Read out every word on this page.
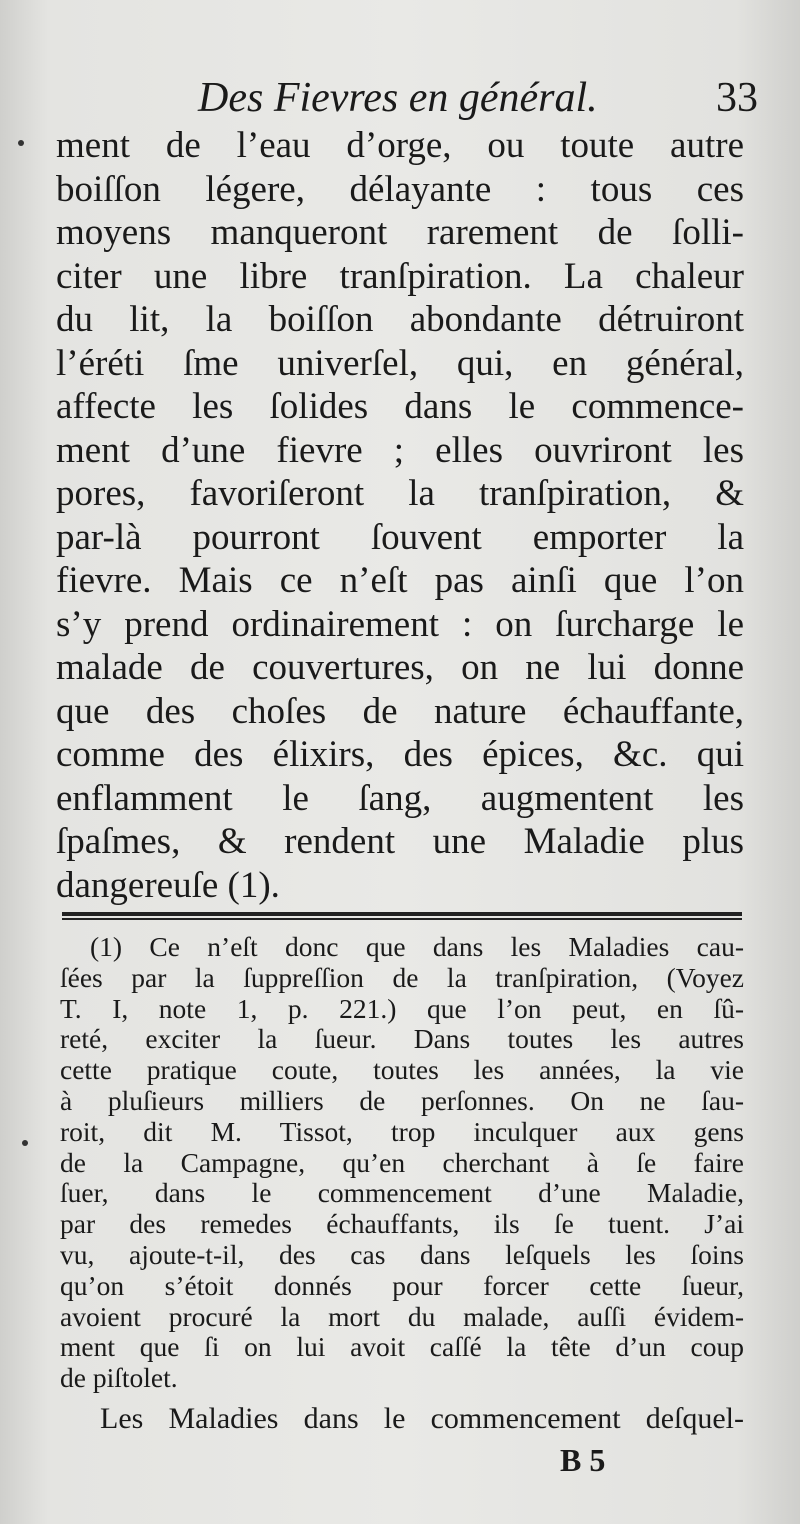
Des Fievres en général.	33
ment de l’eau d’orge, ou toute autre
boiſſon légere, délayante : tous ces
moyens manqueront rarement de ſolli-
citer une libre tranſpiration. La chaleur
du lit, la boiſſon abondante détruiront
l’éréti ſme univerſel, qui, en général,
affecte les ſolides dans le commence-
ment d’une fievre ; elles ouvriront les
pores, favoriſeront la tranſpiration, &
par-là pourront ſouvent emporter la
fievre. Mais ce n’eſt pas ainſi que l’on
s’y prend ordinairement : on ſurcharge le
malade de couvertures, on ne lui donne
que des choſes de nature échauffante,
comme des élixirs, des épices, &c. qui
enflamment le ſang, augmentent les
ſpaſmes, & rendent une Maladie plus
dangereuſe (1).
(1) Ce n’eſt donc que dans les Maladies cau-
ſées par la ſuppreſſion de la tranſpiration, (Voyez
T. I, note 1, p. 221.) que l’on peut, en ſû-
reté, exciter la ſueur. Dans toutes les autres
cette pratique coute, toutes les années, la vie
à pluſieurs milliers de perſonnes. On ne ſau-
roit, dit M. Tissot, trop inculquer aux gens
de la Campagne, qu’en cherchant à ſe faire
ſuer, dans le commencement d’une Maladie,
par des remedes échauffants, ils ſe tuent. J’ai
vu, ajoute-t-il, des cas dans leſquels les ſoins
qu’on s’étoit donnés pour forcer cette ſueur,
avoient procuré la mort du malade, auſſi évidem-
ment que ſi on lui avoit caſſé la tête d’un coup
de piſtolet.
Les Maladies dans le commencement deſquel-
B 5
